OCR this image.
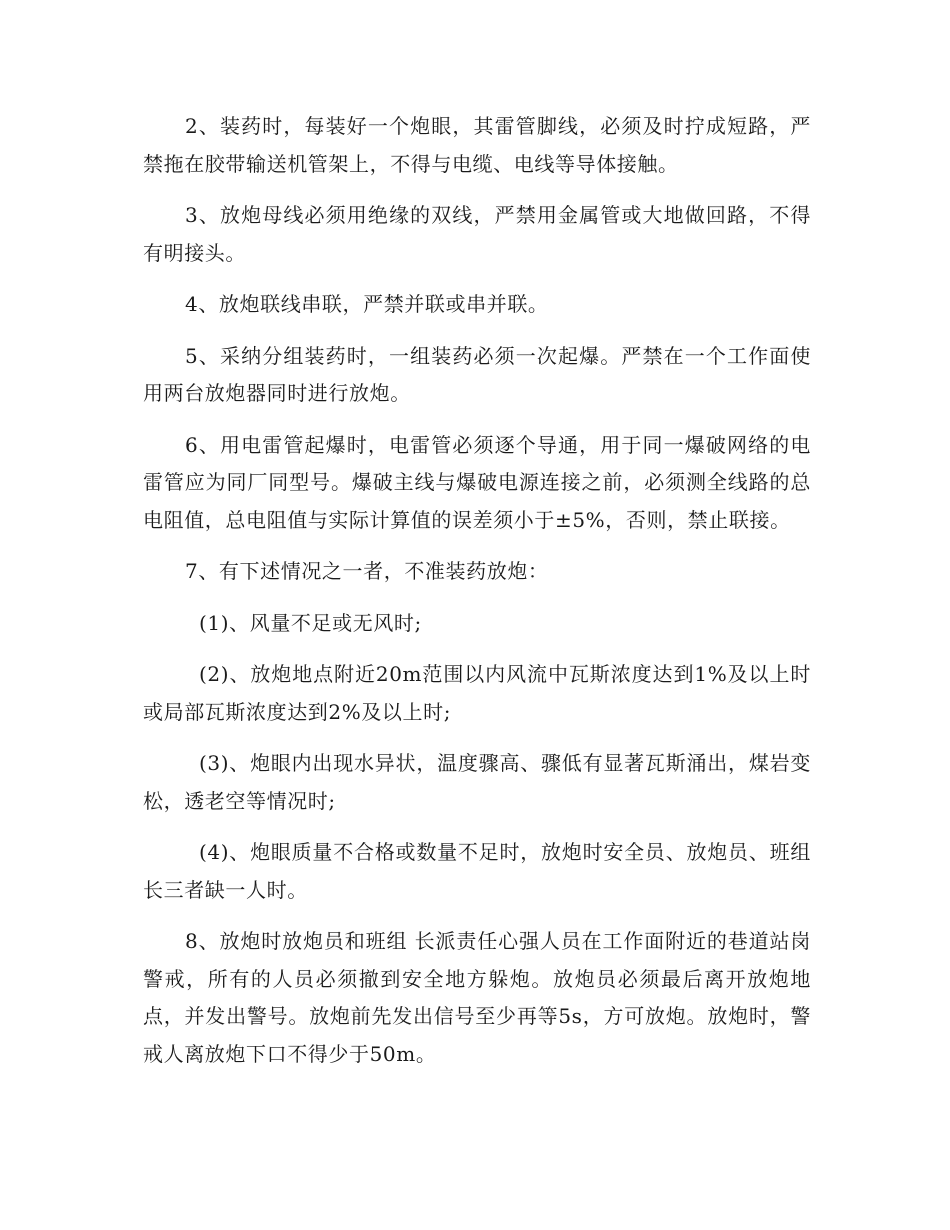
2、装药时，每装好一个炮眼，其雷管脚线，必须及时拧成短路，严禁拖在胶带输送机管架上，不得与电缆、电线等导体接触。

3、放炮母线必须用绝缘的双线，严禁用金属管或大地做回路，不得有明接头。

4、放炮联线串联，严禁并联或串并联。

5、采纳分组装药时，一组装药必须一次起爆。严禁在一个工作面使用两台放炮器同时进行放炮。

6、用电雷管起爆时，电雷管必须逐个导通，用于同一爆破网络的电雷管应为同厂同型号。爆破主线与爆破电源连接之前，必须测全线路的总电阻值，总电阻值与实际计算值的误差须小于±5%，否则，禁止联接。

7、有下述情况之一者，不准装药放炮：

(1)、风量不足或无风时;

(2)、放炮地点附近20m范围以内风流中瓦斯浓度达到1%及以上时或局部瓦斯浓度达到2%及以上时;

(3)、炮眼内出现水异状，温度骤高、骤低有显著瓦斯涌出，煤岩变松，透老空等情况时;

(4)、炮眼质量不合格或数量不足时，放炮时安全员、放炮员、班组 长三者缺一人时。

8、放炮时放炮员和班组 长派责任心强人员在工作面附近的巷道站岗警戒，所有的人员必须撤到安全地方躲炮。放炮员必须最后离开放炮地点，并发出警号。放炮前先发出信号至少再等5s，方可放炮。放炮时，警戒人离放炮下口不得少于50m。
